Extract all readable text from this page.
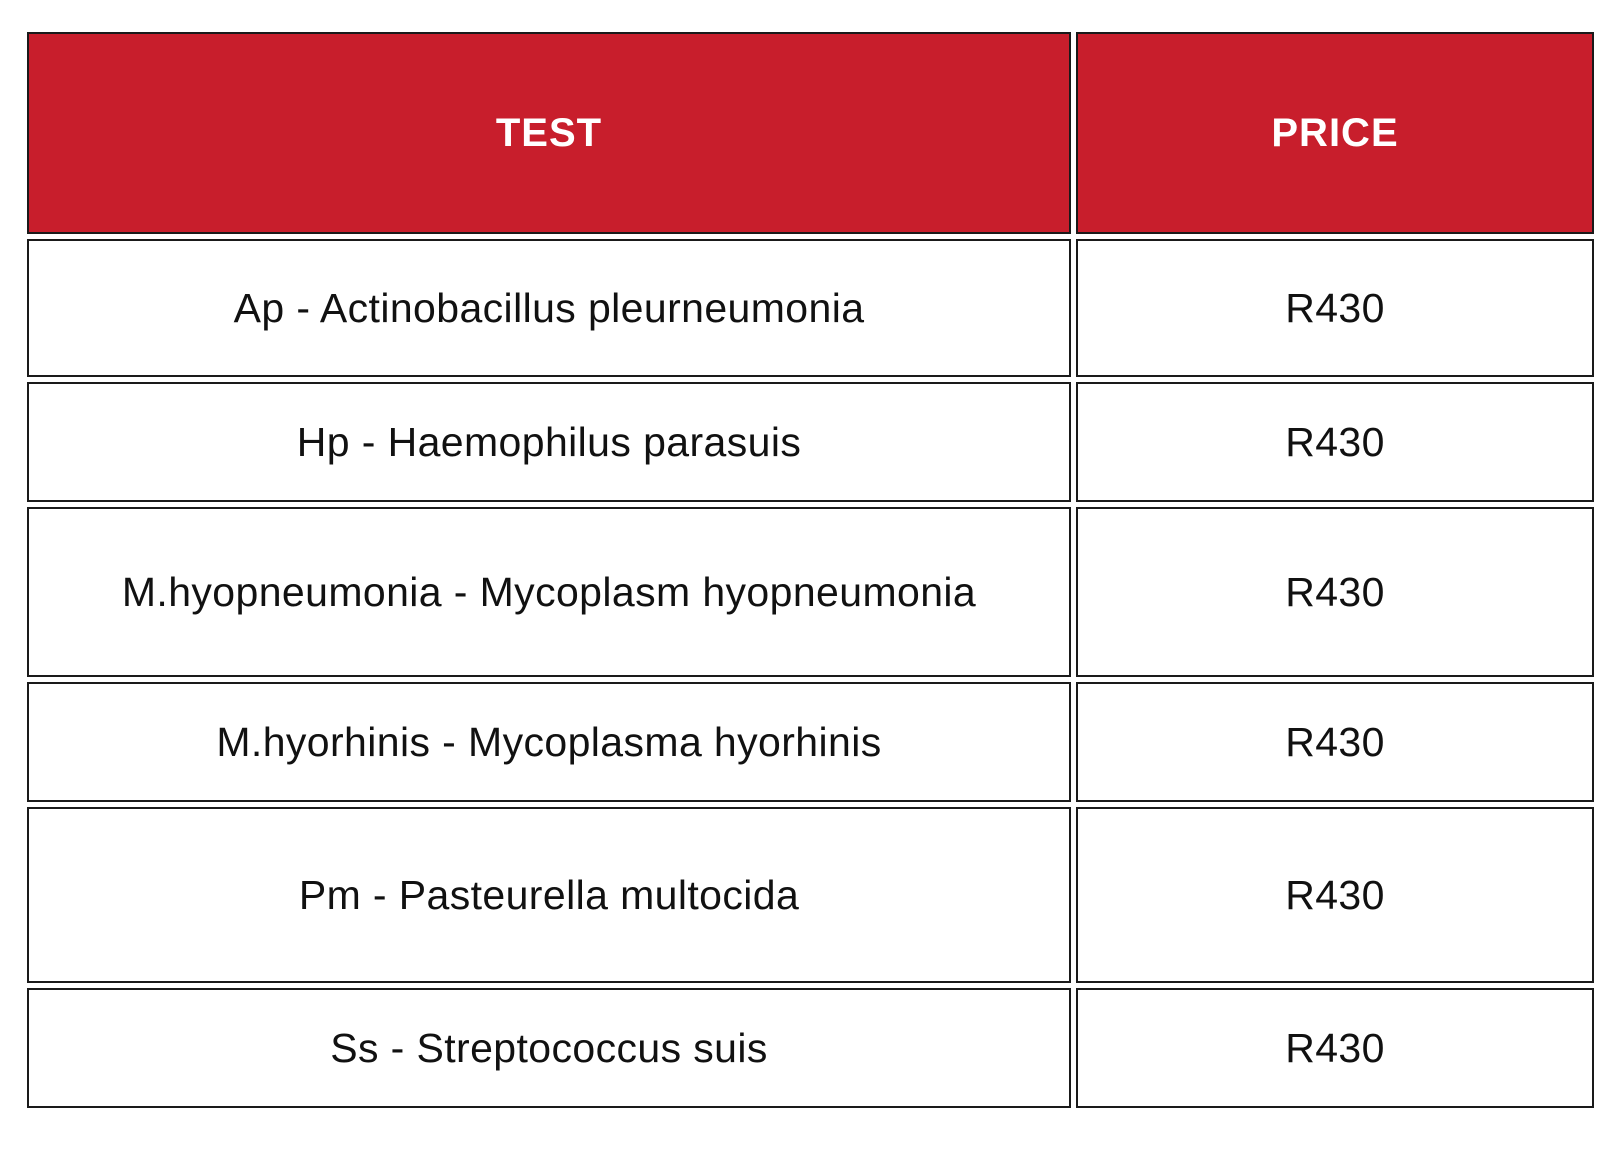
TEST	PRICE
Ap - Actinobacillus pleurneumonia	R430
Hp - Haemophilus parasuis	R430
M.hyopneumonia - Mycoplasm hyopneumonia	R430
M.hyorhinis - Mycoplasma hyorhinis	R430
Pm - Pasteurella multocida	R430
Ss - Streptococcus suis	R430
